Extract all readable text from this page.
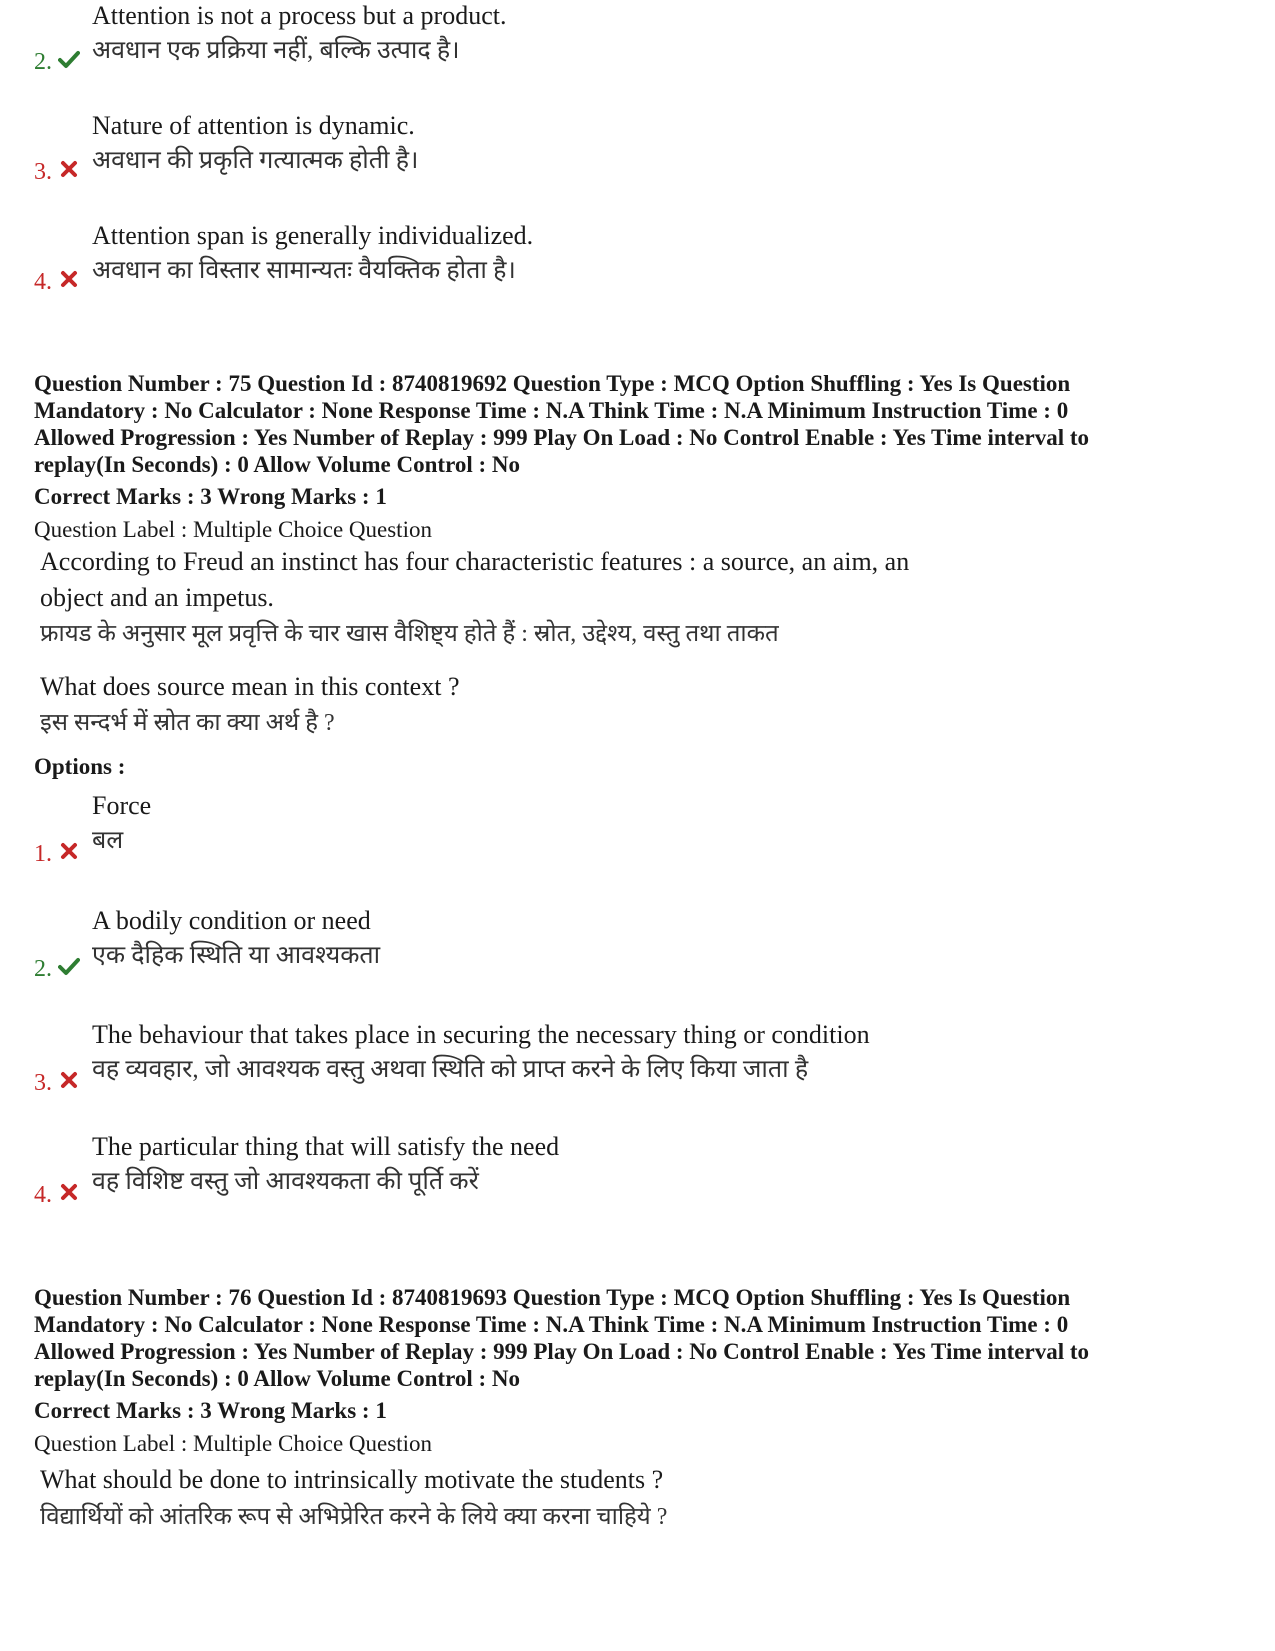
Attention is not a process but a product.
2. अवधान एक प्रक्रिया नहीं, बल्कि उत्पाद है।
Nature of attention is dynamic.
3. अवधान की प्रकृति गत्यात्मक होती है।
Attention span is generally individualized.
4. अवधान का विस्तार सामान्यतः वैयक्तिक होता है।
Question Number : 75 Question Id : 8740819692 Question Type : MCQ Option Shuffling : Yes Is Question
Mandatory : No Calculator : None Response Time : N.A Think Time : N.A Minimum Instruction Time : 0
Allowed Progression : Yes Number of Replay : 999 Play On Load : No Control Enable : Yes Time interval to
replay(In Seconds) : 0 Allow Volume Control : No
Correct Marks : 3 Wrong Marks : 1
Question Label : Multiple Choice Question
According to Freud an instinct has four characteristic features : a source, an aim, an
object and an impetus.
फ्रायड के अनुसार मूल प्रवृत्ति के चार खास वैशिष्ट्य होते हैं : स्रोत, उद्देश्य, वस्तु तथा ताकत
What does source mean in this context ?
इस सन्दर्भ में स्रोत का क्या अर्थ है ?
Options :
Force
1. बल
A bodily condition or need
2. एक दैहिक स्थिति या आवश्यकता
The behaviour that takes place in securing the necessary thing or condition
3. वह व्यवहार, जो आवश्यक वस्तु अथवा स्थिति को प्राप्त करने के लिए किया जाता है
The particular thing that will satisfy the need
4. वह विशिष्ट वस्तु जो आवश्यकता की पूर्ति करें
Question Number : 76 Question Id : 8740819693 Question Type : MCQ Option Shuffling : Yes Is Question
Mandatory : No Calculator : None Response Time : N.A Think Time : N.A Minimum Instruction Time : 0
Allowed Progression : Yes Number of Replay : 999 Play On Load : No Control Enable : Yes Time interval to
replay(In Seconds) : 0 Allow Volume Control : No
Correct Marks : 3 Wrong Marks : 1
Question Label : Multiple Choice Question
What should be done to intrinsically motivate the students ?
विद्यार्थियों को आंतरिक रूप से अभिप्रेरित करने के लिये क्या करना चाहिये ?
